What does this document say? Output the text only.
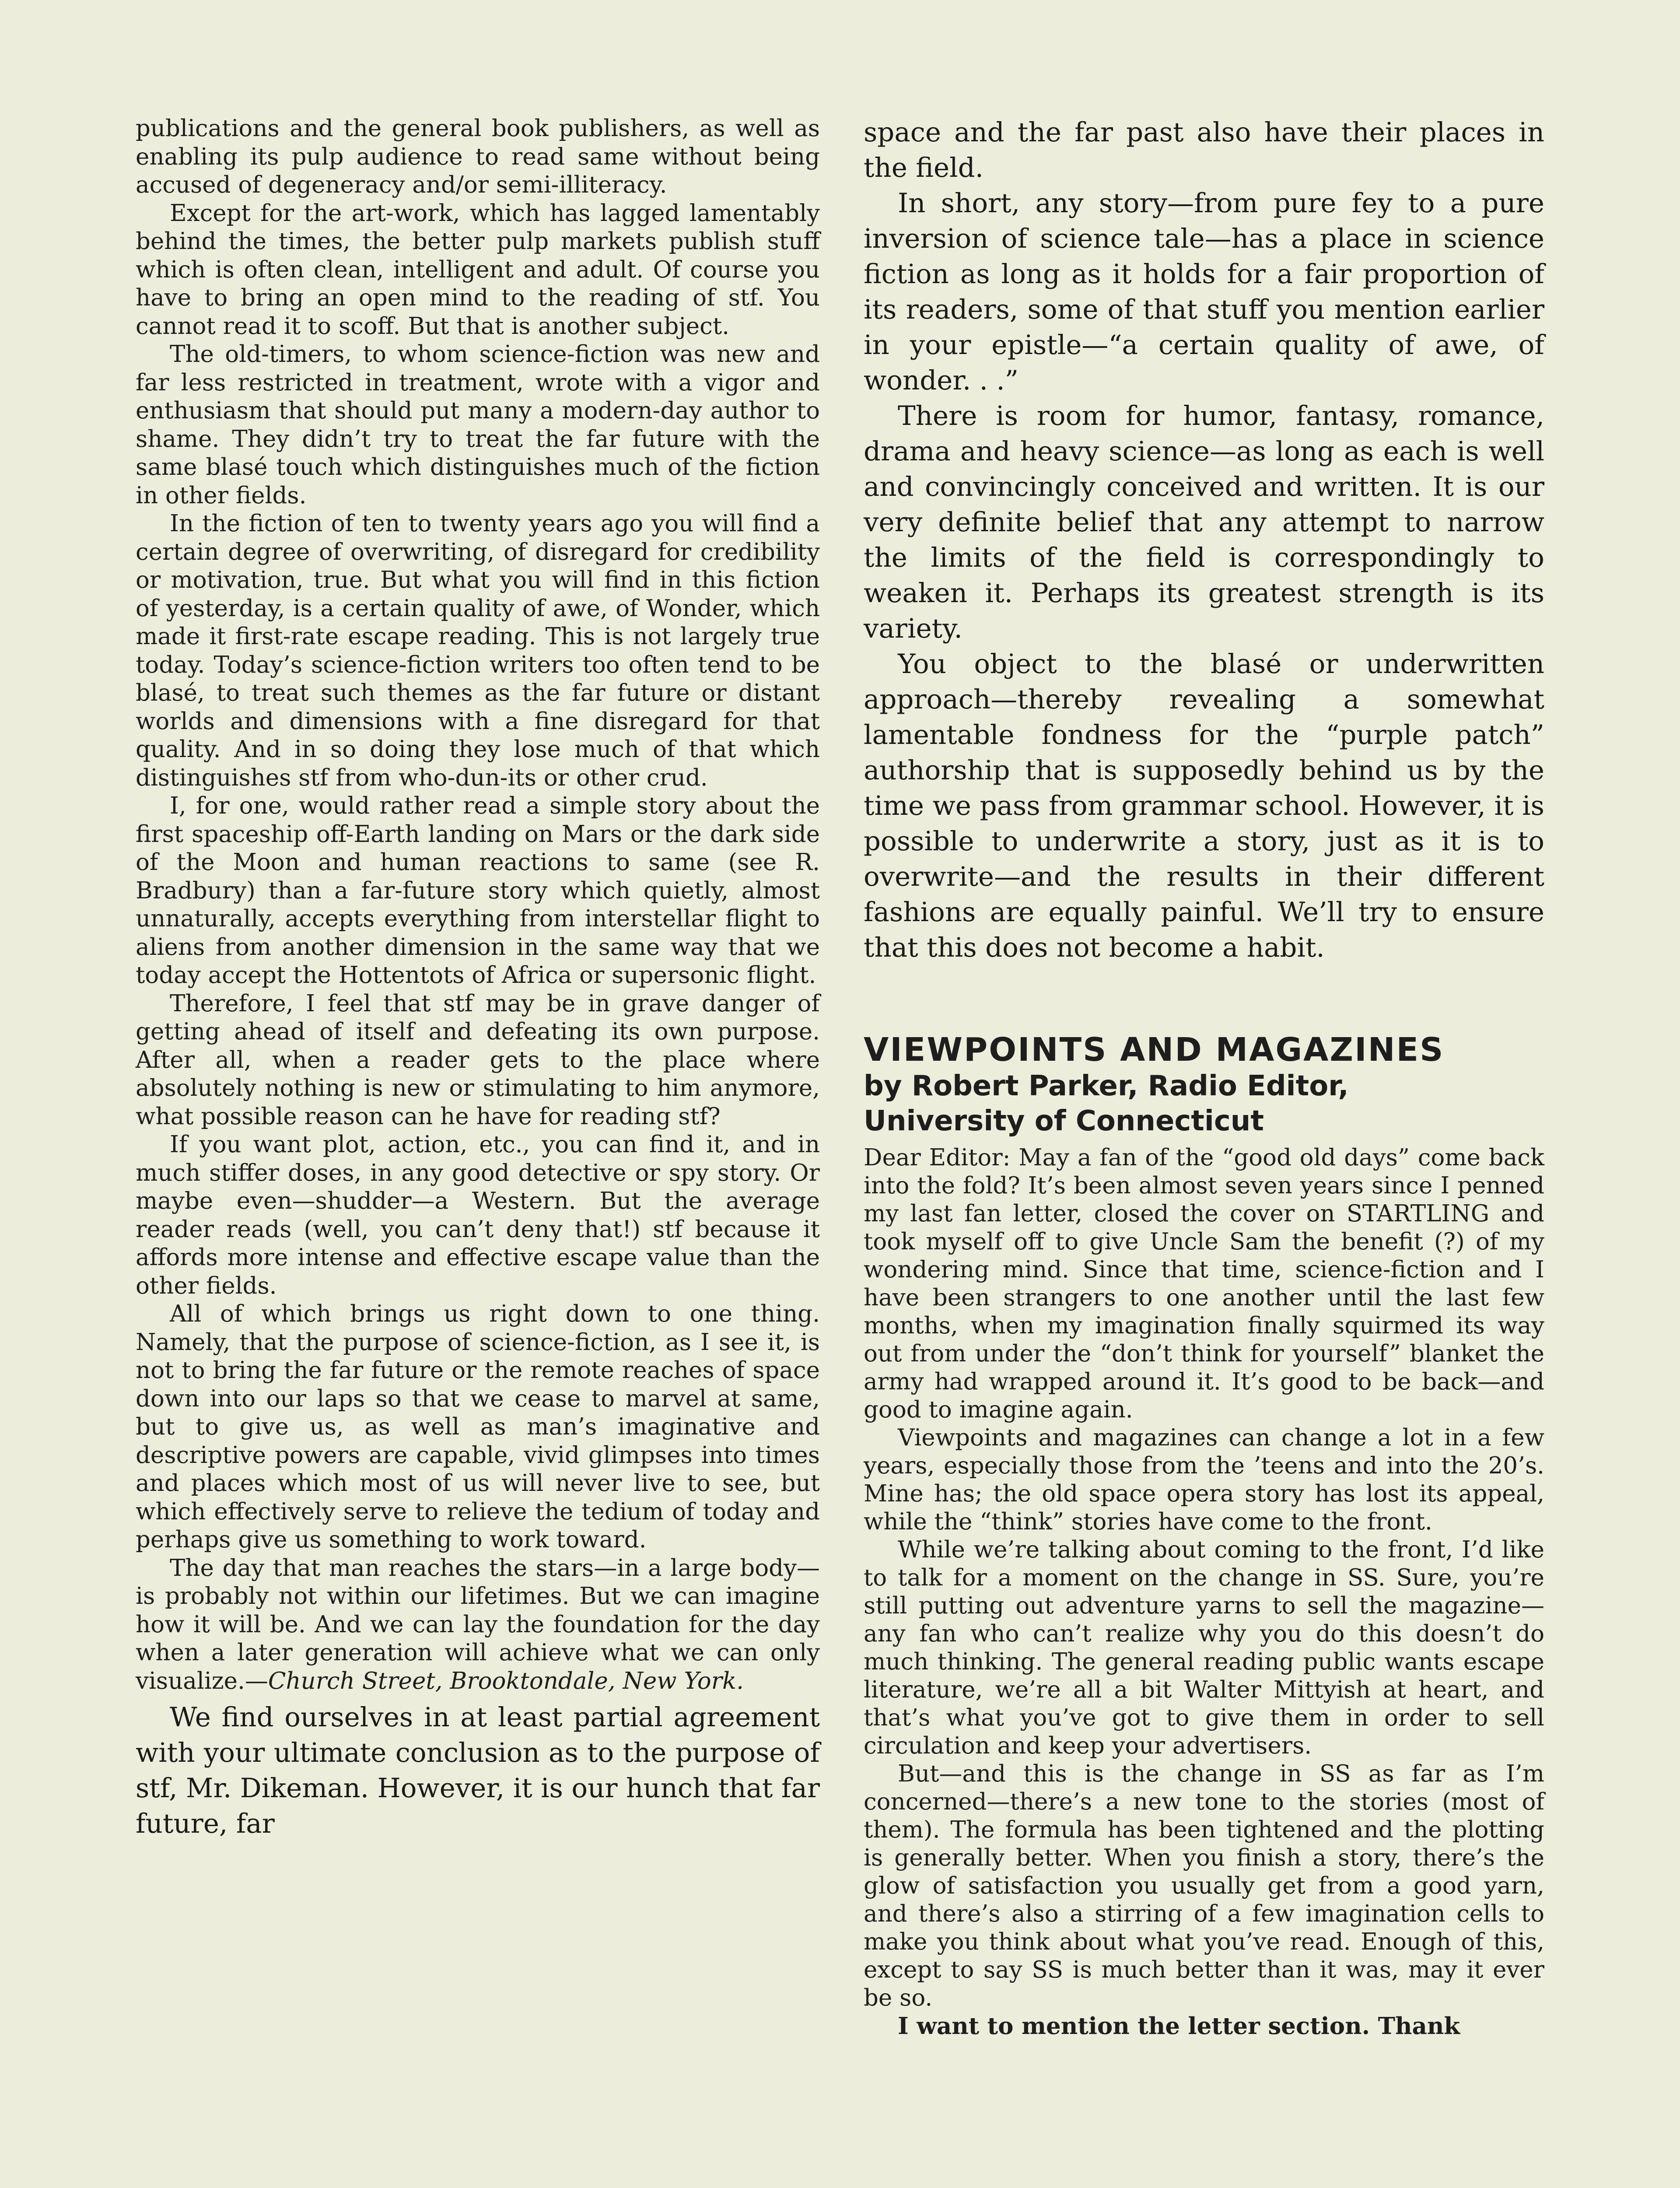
publications and the general book publishers, as well as enabling its pulp audience to read same without being accused of degeneracy and/or semi-illiteracy.

Except for the art-work, which has lagged lamentably behind the times, the better pulp markets publish stuff which is often clean, intelligent and adult. Of course you have to bring an open mind to the reading of stf. You cannot read it to scoff. But that is another subject.

The old-timers, to whom science-fiction was new and far less restricted in treatment, wrote with a vigor and enthusiasm that should put many a modern-day author to shame. They didn’t try to treat the far future with the same blasé touch which distinguishes much of the fiction in other fields.

In the fiction of ten to twenty years ago you will find a certain degree of overwriting, of disregard for credibility or motivation, true. But what you will find in this fiction of yesterday, is a certain quality of awe, of Wonder, which made it first-rate escape reading. This is not largely true today. Today’s science-fiction writers too often tend to be blasé, to treat such themes as the far future or distant worlds and dimensions with a fine disregard for that quality. And in so doing they lose much of that which distinguishes stf from who-dun-its or other crud.

I, for one, would rather read a simple story about the first spaceship off-Earth landing on Mars or the dark side of the Moon and human reactions to same (see R. Bradbury) than a far-future story which quietly, almost unnaturally, accepts everything from interstellar flight to aliens from another dimension in the same way that we today accept the Hottentots of Africa or supersonic flight.

Therefore, I feel that stf may be in grave danger of getting ahead of itself and defeating its own purpose. After all, when a reader gets to the place where absolutely nothing is new or stimulating to him anymore, what possible reason can he have for reading stf?

If you want plot, action, etc., you can find it, and in much stiffer doses, in any good detective or spy story. Or maybe even—shudder—a Western. But the average reader reads (well, you can’t deny that!) stf because it affords more intense and effective escape value than the other fields.

All of which brings us right down to one thing. Namely, that the purpose of science-fiction, as I see it, is not to bring the far future or the remote reaches of space down into our laps so that we cease to marvel at same, but to give us, as well as man’s imaginative and descriptive powers are capable, vivid glimpses into times and places which most of us will never live to see, but which effectively serve to relieve the tedium of today and perhaps give us something to work toward.

The day that man reaches the stars—in a large body—is probably not within our lifetimes. But we can imagine how it will be. And we can lay the foundation for the day when a later generation will achieve what we can only visualize.—Church Street, Brooktondale, New York.

We find ourselves in at least partial agreement with your ultimate conclusion as to the purpose of stf, Mr. Dikeman. However, it is our hunch that far future, far

space and the far past also have their places in the field.

In short, any story—from pure fey to a pure inversion of science tale—has a place in science fiction as long as it holds for a fair proportion of its readers, some of that stuff you mention earlier in your epistle—“a certain quality of awe, of wonder. . .”

There is room for humor, fantasy, romance, drama and heavy science—as long as each is well and convincingly conceived and written. It is our very definite belief that any attempt to narrow the limits of the field is correspondingly to weaken it. Perhaps its greatest strength is its variety.

You object to the blasé or underwritten approach—thereby revealing a somewhat lamentable fondness for the “purple patch” authorship that is supposedly behind us by the time we pass from grammar school. However, it is possible to underwrite a story, just as it is to overwrite—and the results in their different fashions are equally painful. We’ll try to ensure that this does not become a habit.

VIEWPOINTS AND MAGAZINES
by Robert Parker, Radio Editor,
University of Connecticut

Dear Editor: May a fan of the “good old days” come back into the fold? It’s been almost seven years since I penned my last fan letter, closed the cover on STARTLING and took myself off to give Uncle Sam the benefit (?) of my wondering mind. Since that time, science-fiction and I have been strangers to one another until the last few months, when my imagination finally squirmed its way out from under the “don’t think for yourself” blanket the army had wrapped around it. It’s good to be back—and good to imagine again.

Viewpoints and magazines can change a lot in a few years, especially those from the ’teens and into the 20’s. Mine has; the old space opera story has lost its appeal, while the “think” stories have come to the front.

While we’re talking about coming to the front, I’d like to talk for a moment on the change in SS. Sure, you’re still putting out adventure yarns to sell the magazine—any fan who can’t realize why you do this doesn’t do much thinking. The general reading public wants escape literature, we’re all a bit Walter Mittyish at heart, and that’s what you’ve got to give them in order to sell circulation and keep your advertisers.

But—and this is the change in SS as far as I’m concerned—there’s a new tone to the stories (most of them). The formula has been tightened and the plotting is generally better. When you finish a story, there’s the glow of satisfaction you usually get from a good yarn, and there’s also a stirring of a few imagination cells to make you think about what you’ve read. Enough of this, except to say SS is much better than it was, may it ever be so.

I want to mention the letter section. Thank
